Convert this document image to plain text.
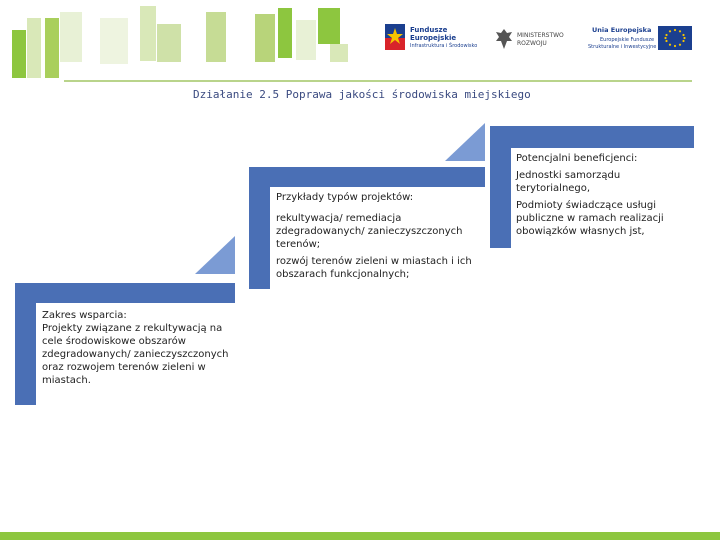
Fundusze
Europejskie
Infrastruktura i Środowisko
MINISTERSTWO
ROZWOJU
Unia Europejska
Europejskie Fundusze
Strukturalne i Inwestycyjne
Działanie 2.5 Poprawa jakości środowiska miejskiego
Zakres wsparcia:
Projekty związane z rekultywacją na cele środowiskowe obszarów zdegradowanych/ zanieczyszczonych oraz rozwojem terenów zieleni w miastach.
Przykłady typów projektów:

rekultywacja/ remediacja zdegradowanych/ zanieczyszczonych terenów;

rozwój terenów zieleni w miastach i ich obszarach funkcjonalnych;

Potencjalni beneficjenci:

Jednostki samorządu terytorialnego,

Podmioty świadczące usługi publiczne w ramach realizacji obowiązków własnych jst,
